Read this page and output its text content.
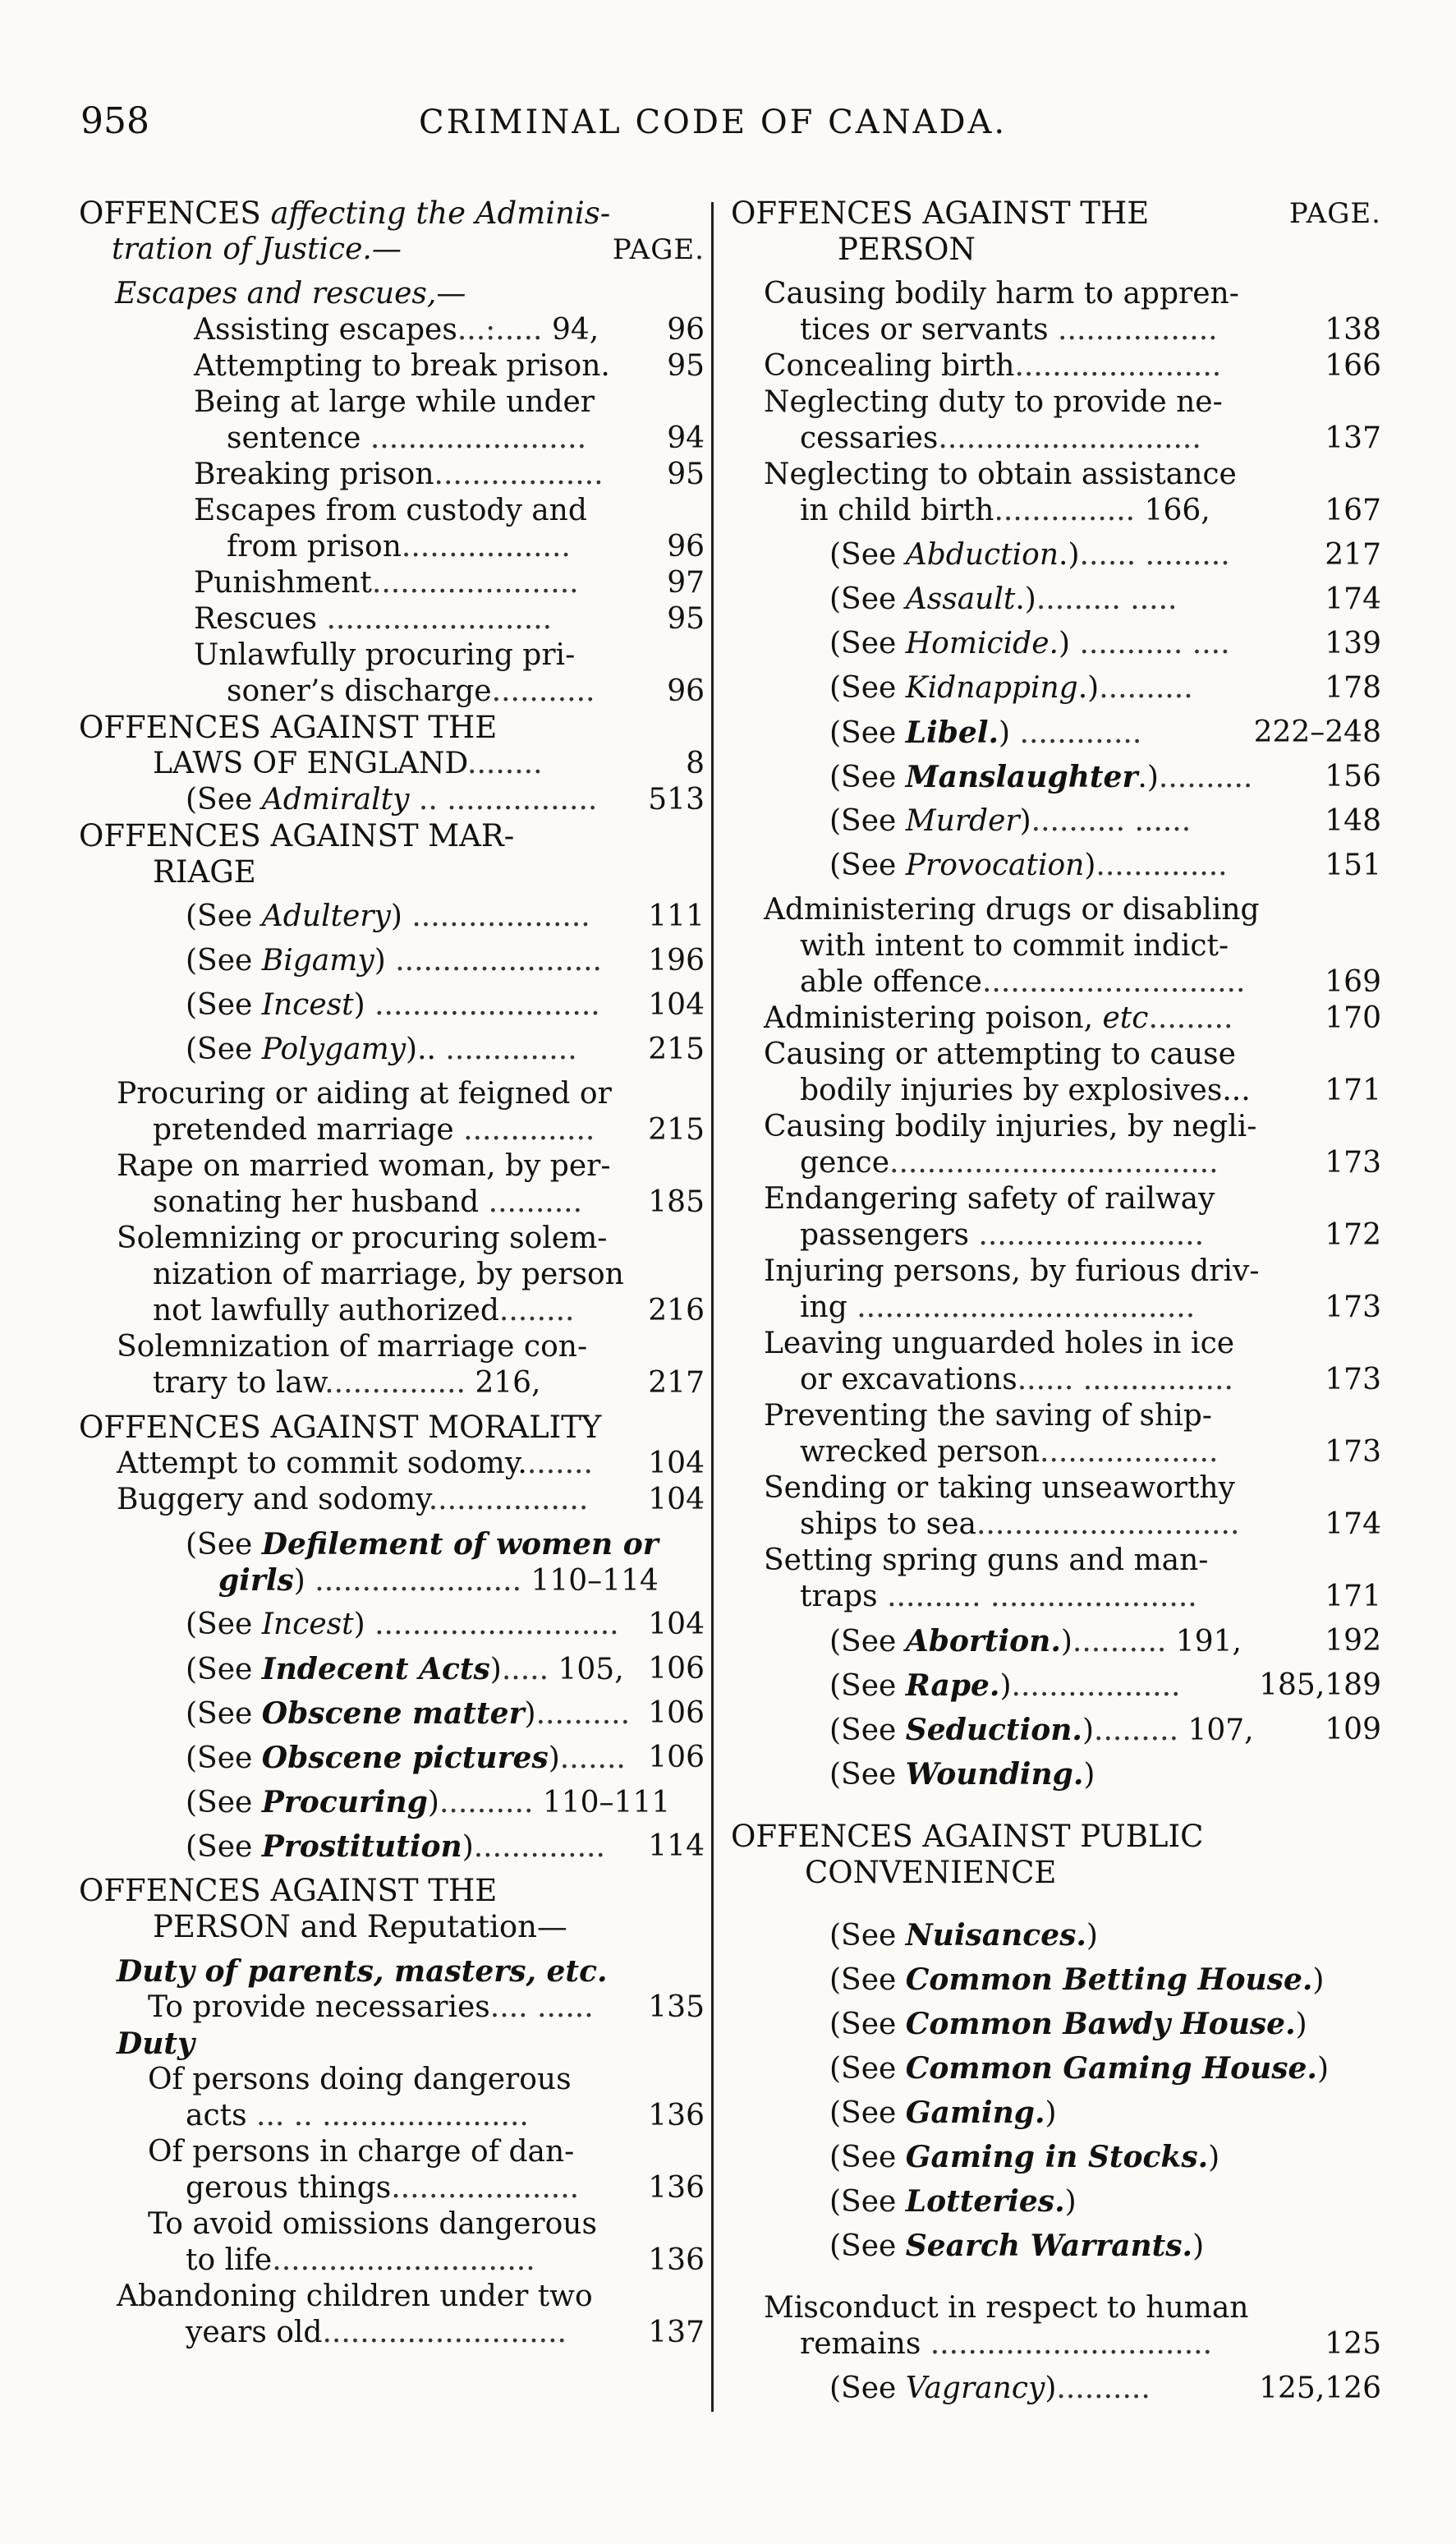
958	CRIMINAL CODE OF CANADA.
OFFENCES affecting the Adminis-
tration of Justice.—	PAGE.
Escapes and rescues,—
Assisting escapes...:..... 94, 96
Attempting to break prison. 95
Being at large while under
sentence .......................	94
Breaking prison.................. 95
Escapes from custody and
from prison..................	96
Punishment......................	97
Rescues ........................	95
Unlawfully procuring pri-
soner’s discharge........... 96
OFFENCES AGAINST THE
LAWS OF ENGLAND........	8
(See Admiralty .. ................ 513
OFFENCES AGAINST MAR-
RIAGE
(See Adultery) ................... 111
(See Bigamy) ...................... 196
(See Incest) ........................ 104
(See Polygamy).. .............. 215
Procuring or aiding at feigned or
pretended marriage .............. 215
Rape on married woman, by per-
sonating her husband .......... 185
Solemnizing or procuring solem-
nization of marriage, by person
not lawfully authorized........ 216
Solemnization of marriage con-
trary to law............... 216,	217
OFFENCES AGAINST MORALITY
Attempt to commit sodomy........ 104
Buggery and sodomy................. 104
(See Defilement of women or
girls) ...................... 110–114
(See Incest) .......................... 104
(See Indecent Acts)..... 105, 106
(See Obscene matter).......... 106
(See Obscene pictures)....... 106
(See Procuring).......... 110–111
(See Prostitution).............. 114
OFFENCES AGAINST THE
PERSON and Reputation—
Duty of parents, masters, etc.
To provide necessaries.... ...... 135
Duty
Of persons doing dangerous
acts ... .. ......................	136
Of persons in charge of dan-
gerous things.................... 136
To avoid omissions dangerous
to life............................	136
Abandoning children under two
years old..........................	137
OFFENCES AGAINST THE	PAGE.
PERSON
Causing bodily harm to appren-
tices or servants .................	138
Concealing birth......................	166
Neglecting duty to provide ne-
cessaries............................	137
Neglecting to obtain assistance
in child birth............... 166,	167
(See Abduction.)...... .........	217
(See Assault.)......... .....	174
(See Homicide.) ........... ....	139
(See Kidnapping.)..........	178
(See Libel.) .............	222–248
(See Manslaughter.).......... 156
(See Murder).......... ......	148
(See Provocation)..............	151
Administering drugs or disabling
with intent to commit indict-
able offence............................	169
Administering poison, etc.........	170
Causing or attempting to cause
bodily injuries by explosives...	171
Causing bodily injuries, by negli-
gence...................................	173
Endangering safety of railway
passengers ........................	172
Injuring persons, by furious driv-
ing ....................................	173
Leaving unguarded holes in ice
or excavations...... ................	173
Preventing the saving of ship-
wrecked person...................	173
Sending or taking unseaworthy
ships to sea............................	174
Setting spring guns and man-
traps .......... ......................	171
(See Abortion.).......... 191,	192
(See Rape.)..................	185,189
(See Seduction.)......... 107, 109
(See Wounding.)
OFFENCES AGAINST PUBLIC
CONVENIENCE
(See Nuisances.)
(See Common Betting House.)
(See Common Bawdy House.)
(See Common Gaming House.)
(See Gaming.)
(See Gaming in Stocks.)
(See Lotteries.)
(See Search Warrants.)
Misconduct in respect to human
remains ..............................	125
(See Vagrancy)..........	125,126
